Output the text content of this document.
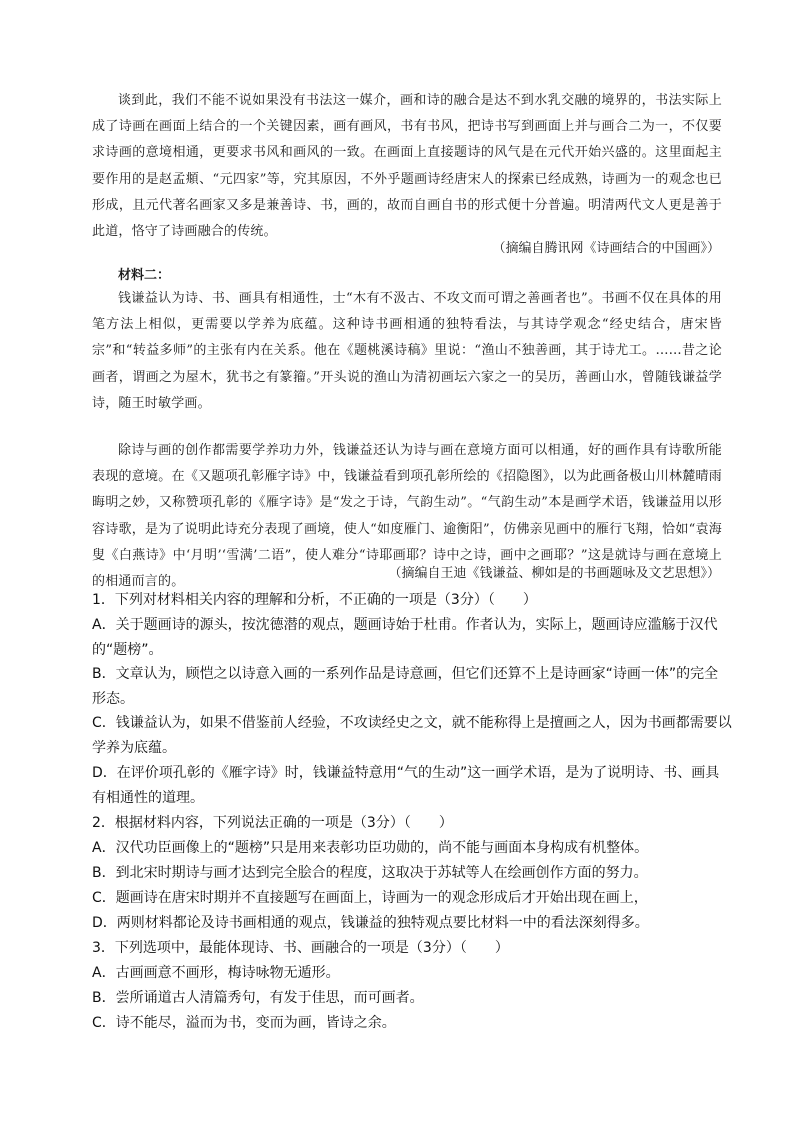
谈到此，我们不能不说如果没有书法这一媒介，画和诗的融合是达不到水乳交融的境界的，书法实际上成了诗画在画面上结合的一个关键因素，画有画风，书有书风，把诗书写到画面上并与画合二为一，不仅要求诗画的意境相通，更要求书风和画风的一致。在画面上直接题诗的风气是在元代开始兴盛的。这里面起主要作用的是赵孟頫、“元四家”等，究其原因，不外乎题画诗经唐宋人的探索已经成熟，诗画为一的观念也已形成，且元代著名画家又多是兼善诗、书，画的，故而自画自书的形式便十分普遍。明清两代文人更是善于此道，恪守了诗画融合的传统。

（摘编自腾讯网《诗画结合的中国画》）

材料二：

钱谦益认为诗、书、画具有相通性，士“木有不汲古、不攻文而可谓之善画者也”。书画不仅在具体的用笔方法上相似，更需要以学养为底蕴。这种诗书画相通的独特看法，与其诗学观念“经史结合，唐宋皆宗”和“转益多师”的主张有内在关系。他在《题桃溪诗稿》里说：“渔山不独善画，其于诗尤工。……昔之论画者，谓画之为屋木，犹书之有篆籀。”开头说的渔山为清初画坛六家之一的吴历，善画山水，曾随钱谦益学诗，随王时敏学画。

除诗与画的创作都需要学养功力外，钱谦益还认为诗与画在意境方面可以相通，好的画作具有诗歌所能表现的意境。在《又题项孔彰雁字诗》中，钱谦益看到项孔彰所绘的《招隐图》，以为此画备极山川林麓晴雨晦明之妙，又称赞项孔彰的《雁字诗》是“发之于诗，气韵生动”。“气韵生动”本是画学术语，钱谦益用以形容诗歌，是为了说明此诗充分表现了画境，使人“如度雁门、逾衡阳”，仿佛亲见画中的雁行飞翔，恰如“袁海叟《白燕诗》中‘月明’‘雪满’二语”，使人难分“诗耶画耶？诗中之诗，画中之画耶？”这是就诗与画在意境上的相通而言的。

（摘编自王迪《钱谦益、柳如是的书画题咏及文艺思想》）

1．下列对材料相关内容的理解和分析，不正确的一项是（3分）（　　）

A．关于题画诗的源头，按沈德潜的观点，题画诗始于杜甫。作者认为，实际上，题画诗应滥觞于汉代的“题榜”。

B．文章认为，顾恺之以诗意入画的一系列作品是诗意画，但它们还算不上是诗画家“诗画一体”的完全形态。

C．钱谦益认为，如果不借鉴前人经验，不攻读经史之文，就不能称得上是擅画之人，因为书画都需要以学养为底蕴。

D．在评价项孔彰的《雁字诗》时，钱谦益特意用“气的生动”这一画学术语，是为了说明诗、书、画具有相通性的道理。

2．根据材料内容，下列说法正确的一项是（3分）（　　）

A．汉代功臣画像上的“题榜”只是用来表彰功臣功勋的，尚不能与画面本身构成有机整体。

B．到北宋时期诗与画才达到完全脍合的程度，这取决于苏轼等人在绘画创作方面的努力。

C．题画诗在唐宋时期并不直接题写在画面上，诗画为一的观念形成后才开始出现在画上，

D．两则材料都论及诗书画相通的观点，钱谦益的独特观点要比材料一中的看法深刻得多。

3．下列选项中，最能体现诗、书、画融合的一项是（3分）（　　）

A．古画画意不画形，梅诗咏物无遁形。

B．尝所诵道古人清篇秀句，有发于佳思，而可画者。

C．诗不能尽，溢而为书，变而为画，皆诗之余。
